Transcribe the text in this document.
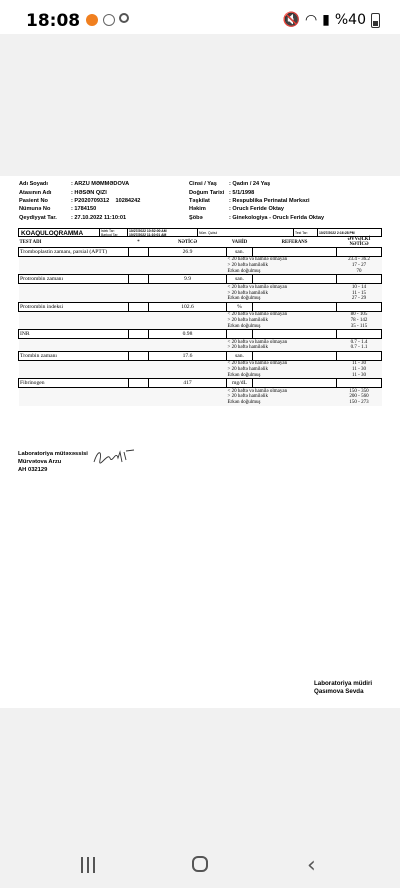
18:08	🔇 ◠ ▮ %40
Adı Soyadı	: ARZU MƏMMƏDOVA	Cinsi / Yaş	: Qadın / 24 Yaş
Atasının Adı	: HƏSƏN QIZI	Doğum Tarixi	: 5/1/1998
Pasient No	: P2020709312 10284242	Təşkilat	: Respublika Perinatal Mərkəzi
Nümunə No	: 1784150	Həkim	: Oruclı Feride Oktay
Qeydiyyat Tar.	: 27.10.2022 11:10:01	Şöbə	: Ginekologiya - Oruclı Ferida Oktay
KOAQULOQRAMMA	İstek Tar:
Barkod Tar:
10/27/2022 10:52:00 AM
10/27/2022 11:10:01 AM	Nüm. Qəbul	Test Tar:	10/27/2022 2:16:28 PM
TEST ADI	*	NƏTİCƏ	VAHİD	REFERANS	ƏVVƏLKİ NƏTİCƏ
Tromboplastin zamanı, parsial (APTT)		26.9	san.		
			< 20 həftə və hamilə olmayan		23.4 - 36.2
			> 20 həftə hamiləlik		17 - 27
			Erkən doğulmuş		70
Protrombin zamanı		9.9	san.		
			< 20 həftə və hamilə olmayan		10 - 14
			> 20 həftə hamiləlik		11 - 15
			Erkən doğulmuş		27 - 29
Protrombin indeksi		102.6	%		
			< 20 həftə və hamilə olmayan		80 - 105
			> 20 həftə hamiləlik		78 - 142
			Erkən doğulmuş		35 - 115
INR		0.98			
			< 20 həftə və hamilə olmayan		0.7 - 1.4
			> 20 həftə hamiləlik		0.7 - 1.1
Trombin zamanı		17.6	san.		
			< 20 həftə və hamilə olmayan		11 - 30
			> 20 həftə hamiləlik		11 - 30
			Erkən doğulmuş		11 - 30
Fibrinogen		417	mg/dL		
			< 20 həftə və hamilə olmayan		150 - 350
			> 20 həftə hamiləlik		200 - 560
			Erkən doğulmuş		150 - 273
Laboratoriya mütəxəssisi
Mürvətova Arzu
AH 032129
Laboratoriya müdiri
Qasımova Sevda
‹
